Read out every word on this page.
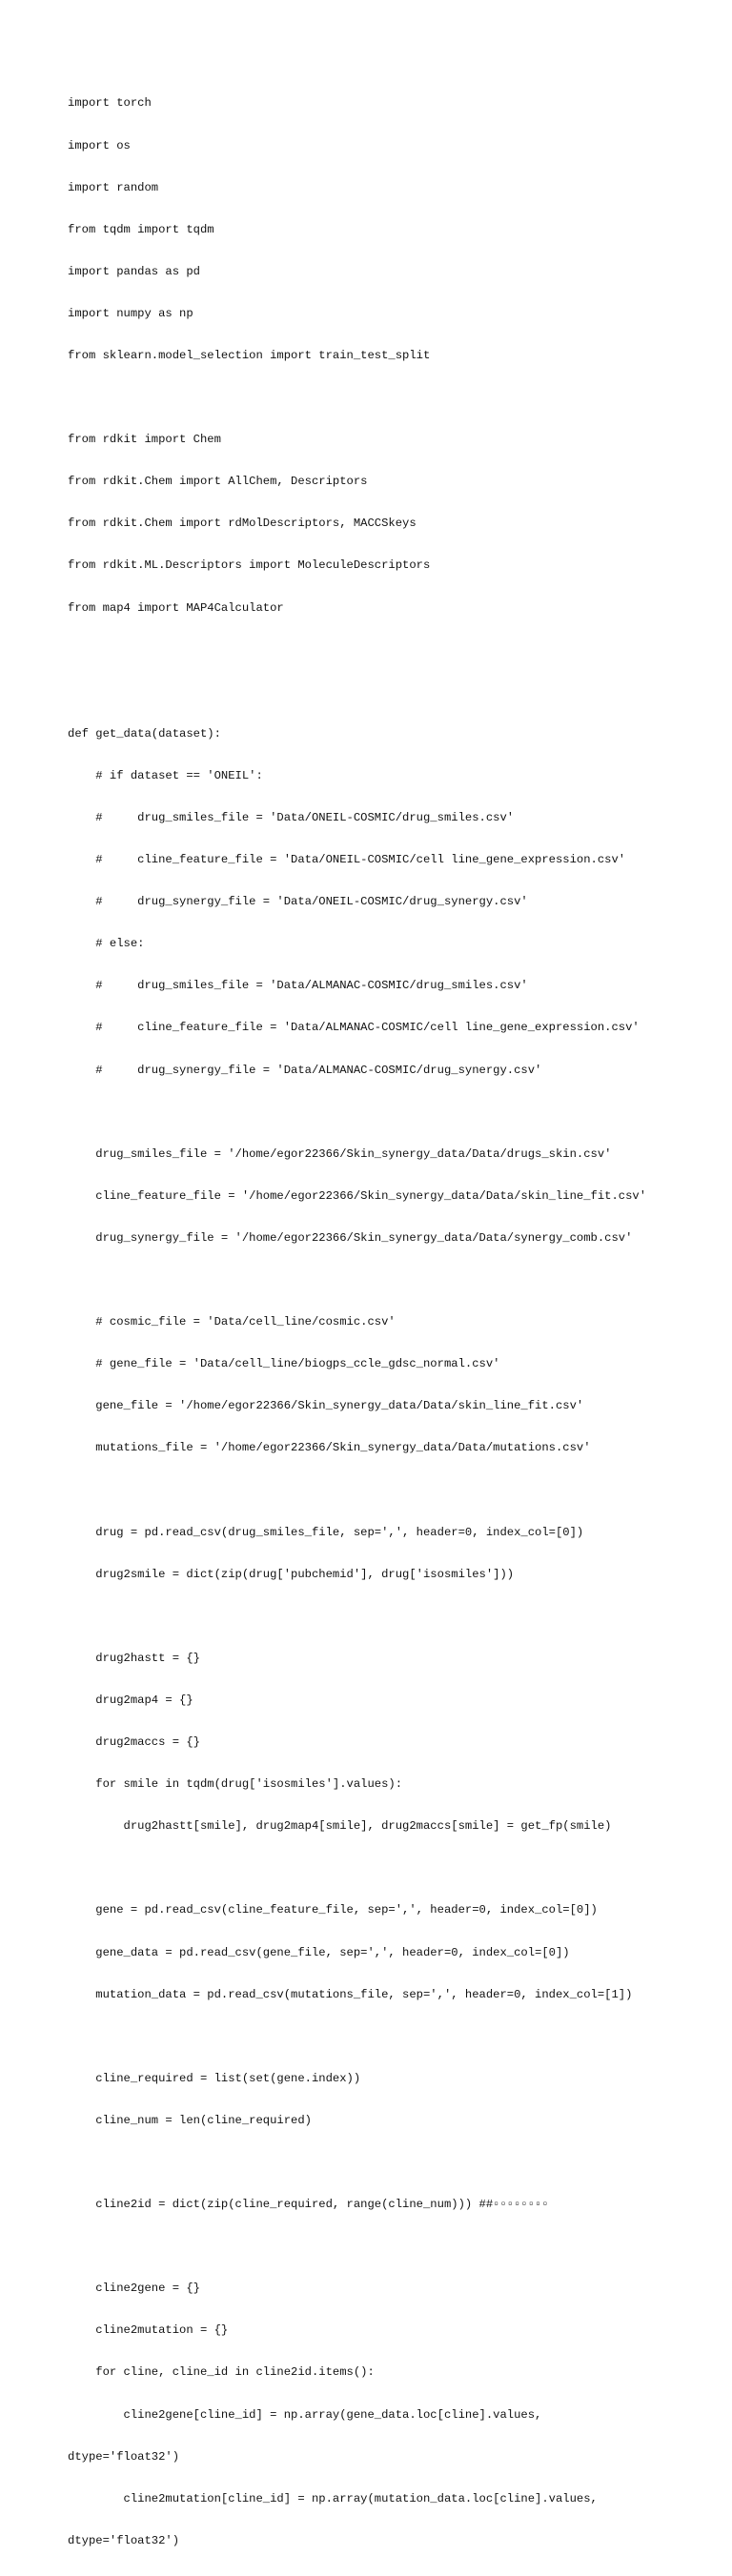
import torch

import os

import random

from tqdm import tqdm

import pandas as pd

import numpy as np

from sklearn.model_selection import train_test_split

from rdkit import Chem

from rdkit.Chem import AllChem, Descriptors

from rdkit.Chem import rdMolDescriptors, MACCSkeys

from rdkit.ML.Descriptors import MoleculeDescriptors

from map4 import MAP4Calculator

def get_data(dataset):

# if dataset == 'ONEIL':

#     drug_smiles_file = 'Data/ONEIL-COSMIC/drug_smiles.csv'

#     cline_feature_file = 'Data/ONEIL-COSMIC/cell line_gene_expression.csv'

#     drug_synergy_file = 'Data/ONEIL-COSMIC/drug_synergy.csv'

# else:

#     drug_smiles_file = 'Data/ALMANAC-COSMIC/drug_smiles.csv'

#     cline_feature_file = 'Data/ALMANAC-COSMIC/cell line_gene_expression.csv'

#     drug_synergy_file = 'Data/ALMANAC-COSMIC/drug_synergy.csv'

drug_smiles_file = '/home/egor22366/Skin_synergy_data/Data/drugs_skin.csv'

cline_feature_file = '/home/egor22366/Skin_synergy_data/Data/skin_line_fit.csv'

drug_synergy_file = '/home/egor22366/Skin_synergy_data/Data/synergy_comb.csv'

# cosmic_file = 'Data/cell_line/cosmic.csv'

# gene_file = 'Data/cell_line/biogps_ccle_gdsc_normal.csv'

gene_file = '/home/egor22366/Skin_synergy_data/Data/skin_line_fit.csv'

mutations_file = '/home/egor22366/Skin_synergy_data/Data/mutations.csv'

drug = pd.read_csv(drug_smiles_file, sep=',', header=0, index_col=[0])

drug2smile = dict(zip(drug['pubchemid'], drug['isosmiles']))

drug2hastt = {}

drug2map4 = {}

drug2maccs = {}

for smile in tqdm(drug['isosmiles'].values):

drug2hastt[smile], drug2map4[smile], drug2maccs[smile] = get_fp(smile)

gene = pd.read_csv(cline_feature_file, sep=',', header=0, index_col=[0])

gene_data = pd.read_csv(gene_file, sep=',', header=0, index_col=[0])

mutation_data = pd.read_csv(mutations_file, sep=',', header=0, index_col=[1])

cline_required = list(set(gene.index))

cline_num = len(cline_required)

cline2id = dict(zip(cline_required, range(cline_num))) ##▫▫▫▫▫▫▫▫

cline2gene = {}

cline2mutation = {}

for cline, cline_id in cline2id.items():

cline2gene[cline_id] = np.array(gene_data.loc[cline].values,

dtype='float32')

cline2mutation[cline_id] = np.array(mutation_data.loc[cline].values,

dtype='float32')
